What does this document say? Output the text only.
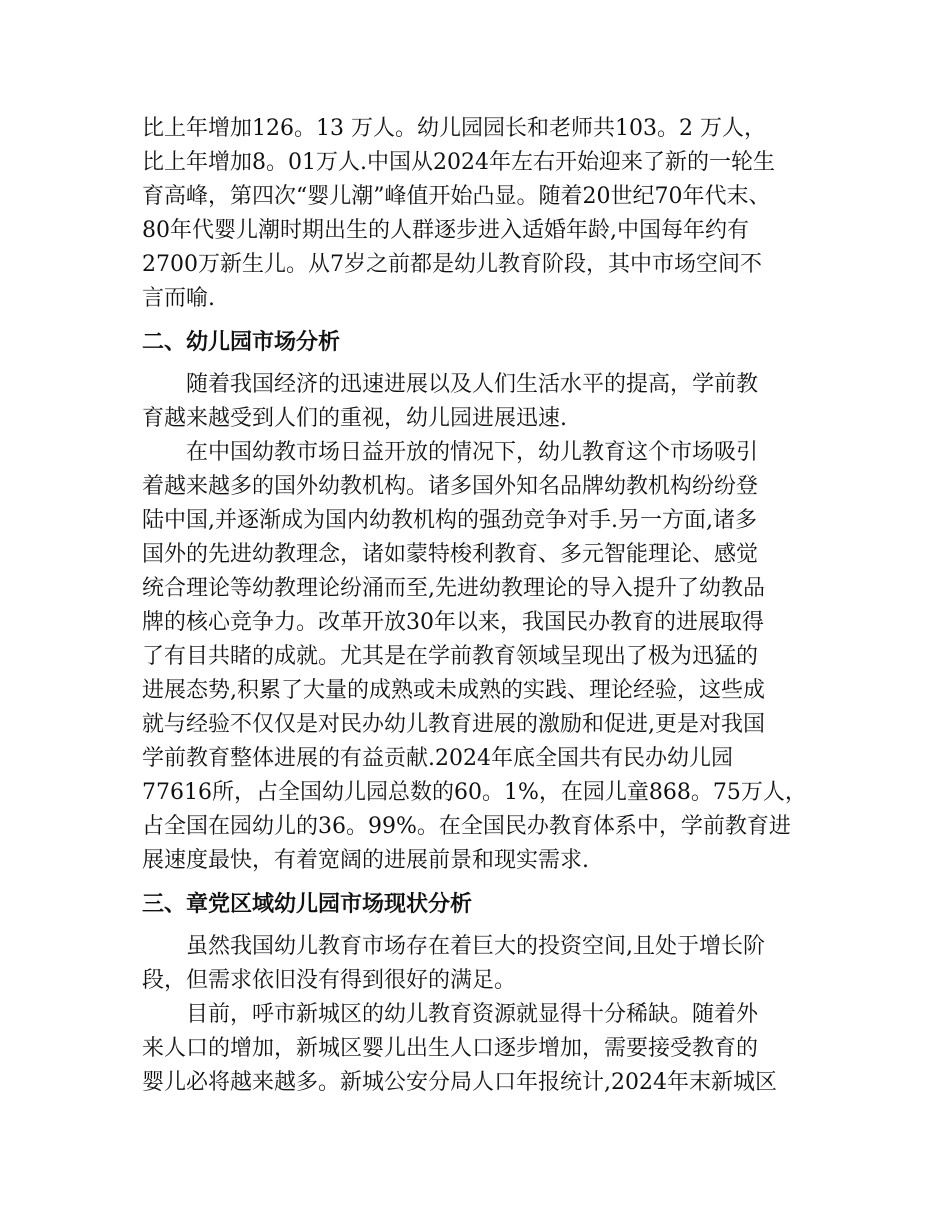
比上年增加126。13 万人。幼儿园园长和老师共103。2 万人，
比上年增加8。01万人.中国从2024年左右开始迎来了新的一轮生
育高峰，第四次“婴儿潮”峰值开始凸显。随着20世纪70年代末、
80年代婴儿潮时期出生的人群逐步进入适婚年龄,中国每年约有
2700万新生儿。从7岁之前都是幼儿教育阶段，其中市场空间不
言而喻.
二、幼儿园市场分析
随着我国经济的迅速进展以及人们生活水平的提高，学前教
育越来越受到人们的重视，幼儿园进展迅速.
在中国幼教市场日益开放的情况下，幼儿教育这个市场吸引
着越来越多的国外幼教机构。诸多国外知名品牌幼教机构纷纷登
陆中国,并逐渐成为国内幼教机构的强劲竞争对手.另一方面,诸多
国外的先进幼教理念，诸如蒙特梭利教育、多元智能理论、感觉
统合理论等幼教理论纷涌而至,先进幼教理论的导入提升了幼教品
牌的核心竞争力。改革开放30年以来，我国民办教育的进展取得
了有目共睹的成就。尤其是在学前教育领域呈现出了极为迅猛的
进展态势,积累了大量的成熟或未成熟的实践、理论经验，这些成
就与经验不仅仅是对民办幼儿教育进展的激励和促进,更是对我国
学前教育整体进展的有益贡献.2024年底全国共有民办幼儿园
77616所，占全国幼儿园总数的60。1%，在园儿童868。75万人，
占全国在园幼儿的36。99%。在全国民办教育体系中，学前教育进
展速度最快，有着宽阔的进展前景和现实需求.
三、章党区域幼儿园市场现状分析
虽然我国幼儿教育市场存在着巨大的投资空间,且处于增长阶
段，但需求依旧没有得到很好的满足。
目前，呼市新城区的幼儿教育资源就显得十分稀缺。随着外
来人口的增加，新城区婴儿出生人口逐步增加，需要接受教育的
婴儿必将越来越多。新城公安分局人口年报统计,2024年末新城区
